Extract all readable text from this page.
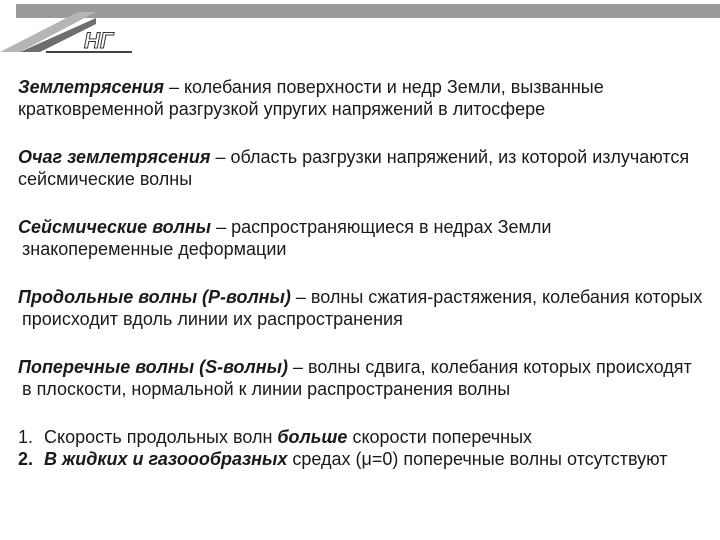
НГ
Землетрясения – колебания поверхности и недр Земли, вызванные
кратковременной разгрузкой упругих напряжений в литосфере
Очаг землетрясения – область разгрузки напряжений, из которой излучаются
сейсмические волны
Сейсмические волны – распространяющиеся в недрах Земли
знакопеременные деформации
Продольные волны (Р-волны) – волны сжатия-растяжения, колебания которых
происходит вдоль линии их распространения
Поперечные волны (S-волны) – волны сдвига, колебания которых происходят
в плоскости, нормальной к линии распространения волны
1. Скорость продольных волн больше скорости поперечных
2. В жидких и газоообразных средах (μ=0) поперечные волны отсутствуют
